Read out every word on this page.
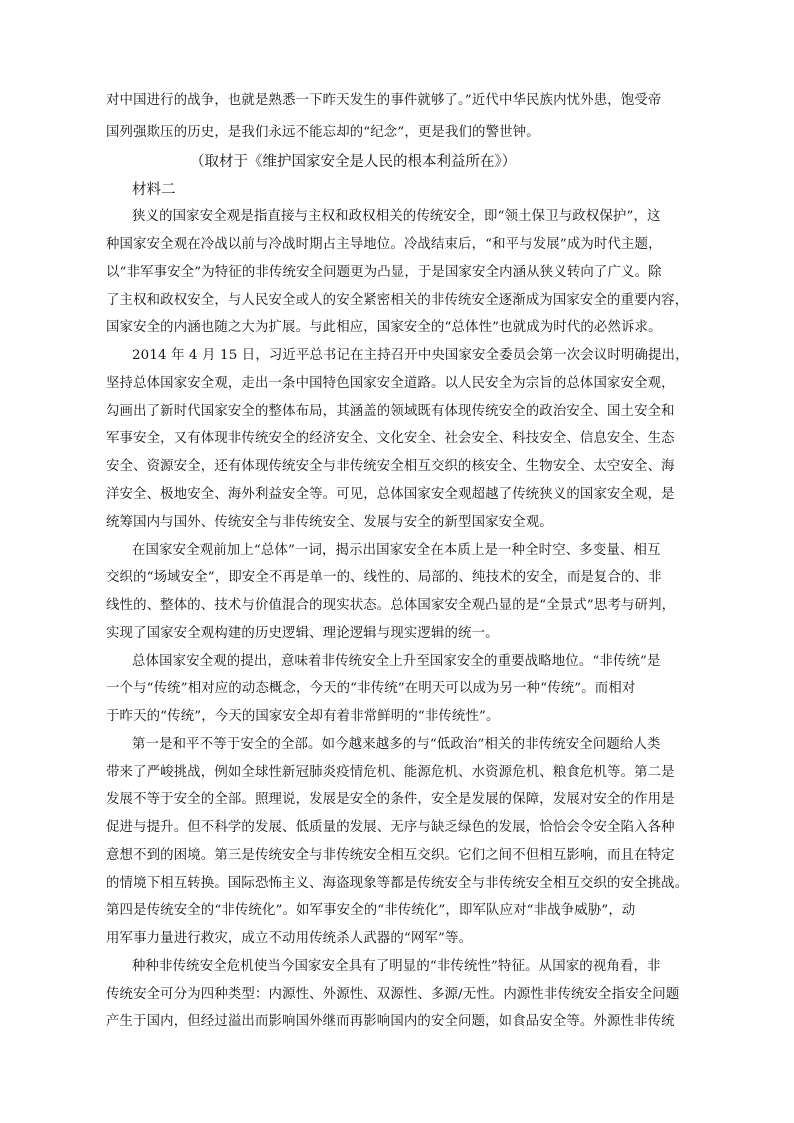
对中国进行的战争，也就是熟悉一下昨天发生的事件就够了。”近代中华民族内忧外患，饱受帝
国列强欺压的历史，是我们永远不能忘却的“纪念”，更是我们的警世钟。
（取材于《维护国家安全是人民的根本利益所在》）
材料二
狭义的国家安全观是指直接与主权和政权相关的传统安全，即“领土保卫与政权保护”，这
种国家安全观在冷战以前与冷战时期占主导地位。冷战结束后，“和平与发展”成为时代主题，
以“非军事安全”为特征的非传统安全问题更为凸显，于是国家安全内涵从狭义转向了广义。除
了主权和政权安全，与人民安全或人的安全紧密相关的非传统安全逐渐成为国家安全的重要内容，
国家安全的内涵也随之大为扩展。与此相应，国家安全的“总体性”也就成为时代的必然诉求。
2014 年 4 月 15 日，习近平总书记在主持召开中央国家安全委员会第一次会议时明确提出，
坚持总体国家安全观，走出一条中国特色国家安全道路。以人民安全为宗旨的总体国家安全观，
勾画出了新时代国家安全的整体布局，其涵盖的领域既有体现传统安全的政治安全、国土安全和
军事安全，又有体现非传统安全的经济安全、文化安全、社会安全、科技安全、信息安全、生态
安全、资源安全，还有体现传统安全与非传统安全相互交织的核安全、生物安全、太空安全、海
洋安全、极地安全、海外利益安全等。可见，总体国家安全观超越了传统狭义的国家安全观，是
统筹国内与国外、传统安全与非传统安全、发展与安全的新型国家安全观。
在国家安全观前加上“总体”一词，揭示出国家安全在本质上是一种全时空、多变量、相互
交织的“场域安全”，即安全不再是单一的、线性的、局部的、纯技术的安全，而是复合的、非
线性的、整体的、技术与价值混合的现实状态。总体国家安全观凸显的是“全景式”思考与研判，
实现了国家安全观构建的历史逻辑、理论逻辑与现实逻辑的统一。
总体国家安全观的提出，意味着非传统安全上升至国家安全的重要战略地位。“非传统”是
一个与“传统”相对应的动态概念，今天的“非传统”在明天可以成为另一种“传统”。而相对
于昨天的“传统”，今天的国家安全却有着非常鲜明的“非传统性”。
第一是和平不等于安全的全部。如今越来越多的与“低政治”相关的非传统安全问题给人类
带来了严峻挑战，例如全球性新冠肺炎疫情危机、能源危机、水资源危机、粮食危机等。第二是
发展不等于安全的全部。照理说，发展是安全的条件，安全是发展的保障，发展对安全的作用是
促进与提升。但不科学的发展、低质量的发展、无序与缺乏绿色的发展，恰恰会令安全陷入各种
意想不到的困境。第三是传统安全与非传统安全相互交织。它们之间不但相互影响，而且在特定
的情境下相互转换。国际恐怖主义、海盗现象等都是传统安全与非传统安全相互交织的安全挑战。
第四是传统安全的“非传统化”。如军事安全的“非传统化”，即军队应对“非战争威胁”，动
用军事力量进行救灾，成立不动用传统杀人武器的“网军”等。
种种非传统安全危机使当今国家安全具有了明显的“非传统性”特征。从国家的视角看，非
传统安全可分为四种类型：内源性、外源性、双源性、多源/无性。内源性非传统安全指安全问题
产生于国内，但经过溢出而影响国外继而再影响国内的安全问题，如食品安全等。外源性非传统
